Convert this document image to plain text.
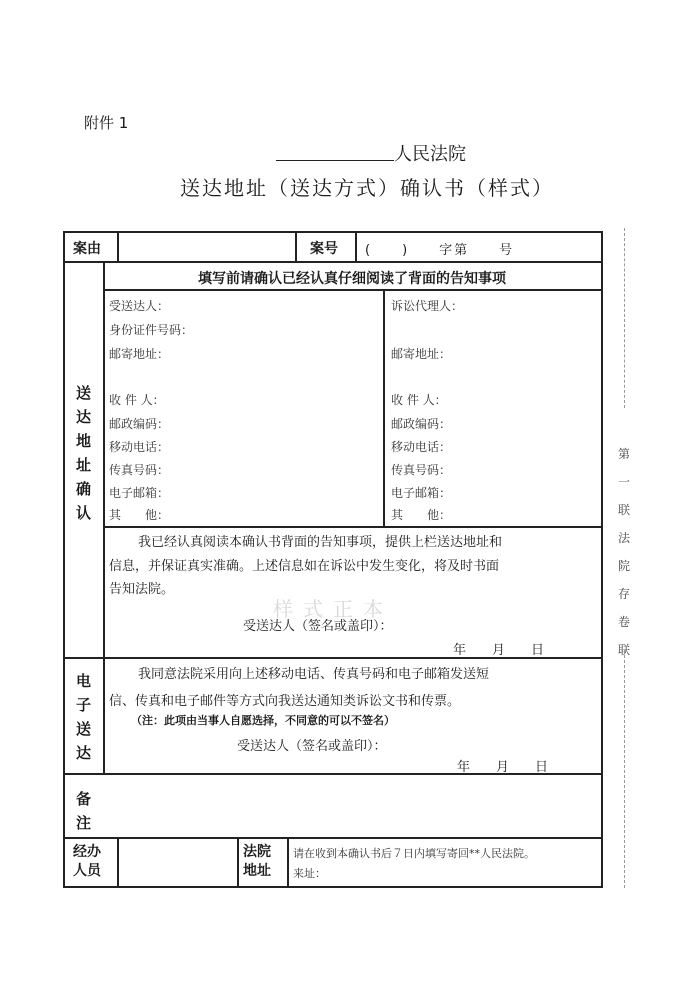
附件 1
人民法院
送达地址（送达方式）确认书（样式）
案由	案号 (　　)　　字第　　号
送达地址确认
填写前请确认已经认真仔细阅读了背面的告知事项
受送达人：
身份证件号码：
邮寄地址：
收 件 人：
邮政编码：
移动电话：
传真号码：
电子邮箱：
其　　他：
诉讼代理人：
邮寄地址：
收 件 人：
邮政编码：
移动电话：
传真号码：
电子邮箱：
其　　他：
我已经认真阅读本确认书背面的告知事项，提供上栏送达地址和
信息，并保证真实准确。上述信息如在诉讼中发生变化，将及时书面
告知法院。
样式正本
受送达人（签名或盖印）：
年　　月　　日
电子送达
我同意法院采用向上述移动电话、传真号码和电子邮箱发送短
信、传真和电子邮件等方式向我送达通知类诉讼文书和传票。
（注：此项由当事人自愿选择，不同意的可以不签名）
受送达人（签名或盖印）：
年　　月　　日
备注
经办人员
法院地址
请在收到本确认书后７日内填写寄回**人民法院。
来址：
第一联　法院存卷联
